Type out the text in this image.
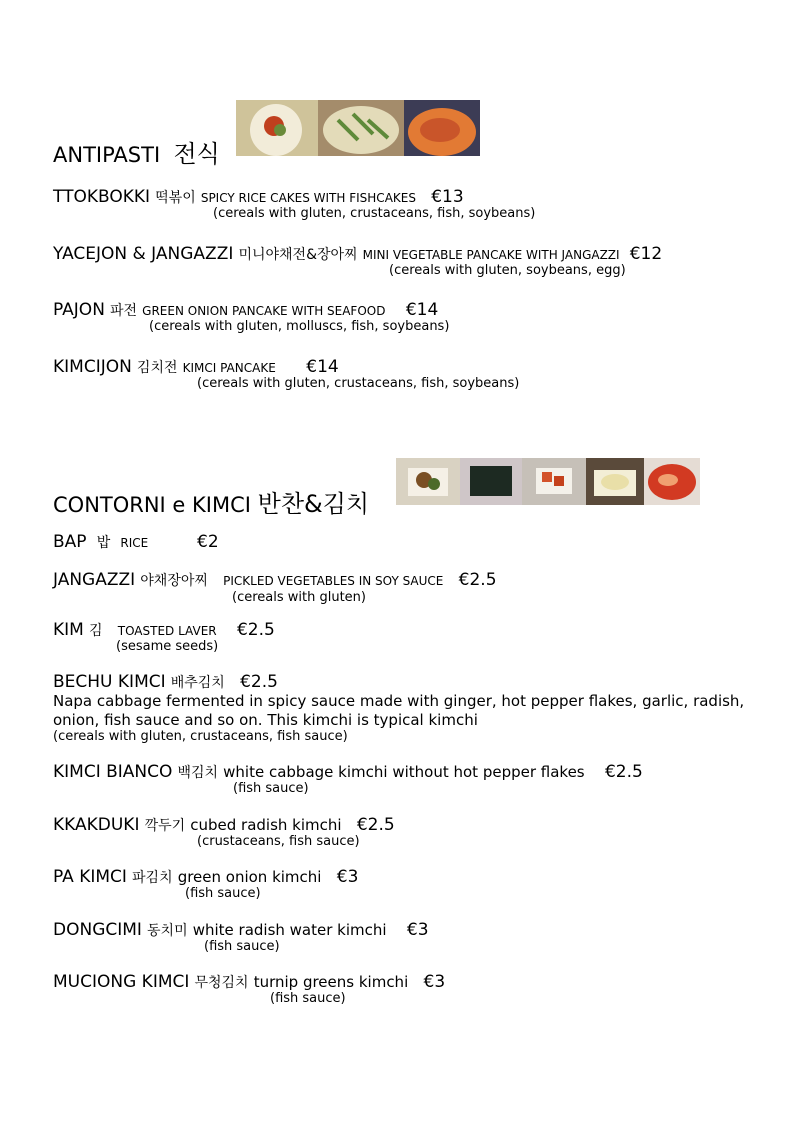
ANTIPASTI 전식
TTOKBOKKI 떡볶이 SPICY RICE CAKES WITH FISHCAKES €13
(cereals with gluten, crustaceans, fish, soybeans)
YACEJON & JANGAZZI 미니야채전&장아찌 MINI VEGETABLE PANCAKE WITH JANGAZZI €12
(cereals with gluten, soybeans, egg)
PAJON 파전 GREEN ONION PANCAKE WITH SEAFOOD €14
(cereals with gluten, molluscs, fish, soybeans)
KIMCIJON 김치전 KIMCI PANCAKE €14
(cereals with gluten, crustaceans, fish, soybeans)
CONTORNI e KIMCI 반찬&김치
BAP 밥 RICE	€2
JANGAZZI 야채장아찌 PICKLED VEGETABLES IN SOY SAUCE €2.5
(cereals with gluten)
KIM 김 TOASTED LAVER €2.5
(sesame seeds)
BECHU KIMCI 배추김치 €2.5
Napa cabbage fermented in spicy sauce made with ginger, hot pepper flakes, garlic, radish, onion, fish sauce and so on. This kimchi is typical kimchi
(cereals with gluten, crustaceans, fish sauce)
KIMCI BIANCO 백김치 white cabbage kimchi without hot pepper flakes €2.5
(fish sauce)
KKAKDUKI 깍두기 cubed radish kimchi €2.5
(crustaceans, fish sauce)
PA KIMCI 파김치 green onion kimchi €3
(fish sauce)
DONGCIMI 동치미 white radish water kimchi €3
(fish sauce)
MUCIONG KIMCI 무청김치 turnip greens kimchi €3
(fish sauce)
